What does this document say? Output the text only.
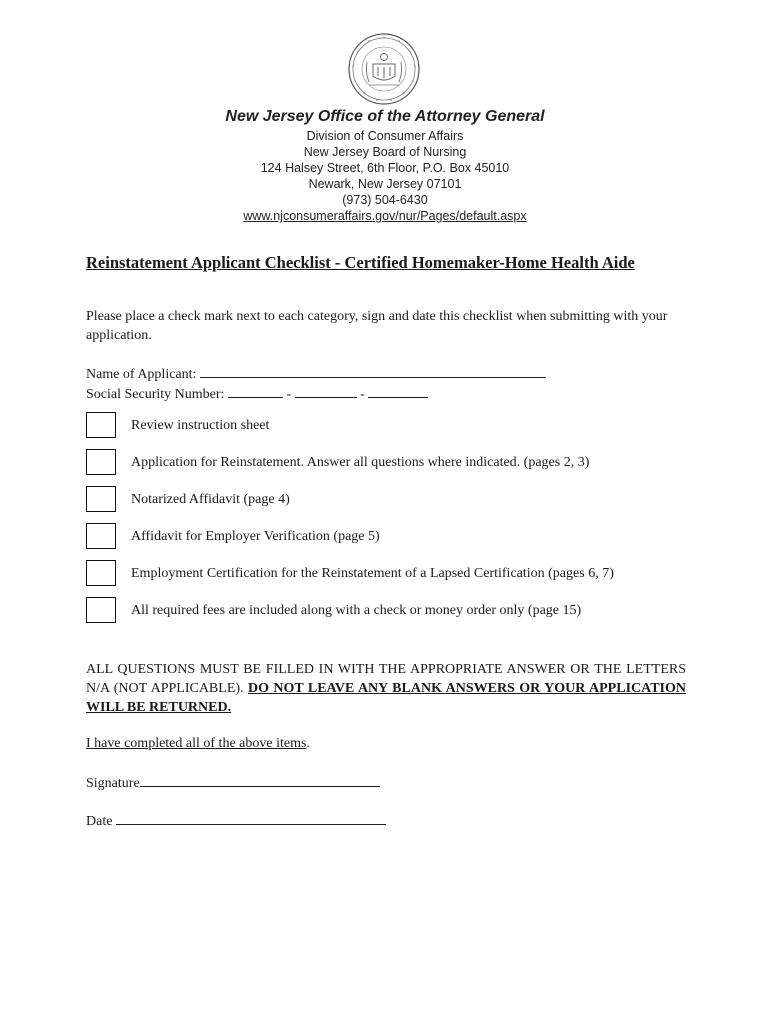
New Jersey Office of the Attorney General
Division of Consumer Affairs
New Jersey Board of Nursing
124 Halsey Street, 6th Floor, P.O. Box 45010
Newark, New Jersey 07101
(973) 504-6430
www.njconsumeraffairs.gov/nur/Pages/default.aspx
Reinstatement Applicant Checklist - Certified Homemaker-Home Health Aide
Please place a check mark next to each category, sign and date this checklist when submitting with your application.
Name of Applicant:
Social Security Number:	-	-
Review instruction sheet
Application for Reinstatement. Answer all questions where indicated. (pages 2, 3)
Notarized Affidavit (page 4)
Affidavit for Employer Verification (page 5)
Employment Certification for the Reinstatement of a Lapsed Certification (pages 6, 7)
All required fees are included along with a check or money order only (page 15)
ALL QUESTIONS MUST BE FILLED IN WITH THE APPROPRIATE ANSWER OR THE LETTERS N/A (NOT APPLICABLE). DO NOT LEAVE ANY BLANK ANSWERS OR YOUR APPLICATION WILL BE RETURNED.
I have completed all of the above items.
Signature
Date
